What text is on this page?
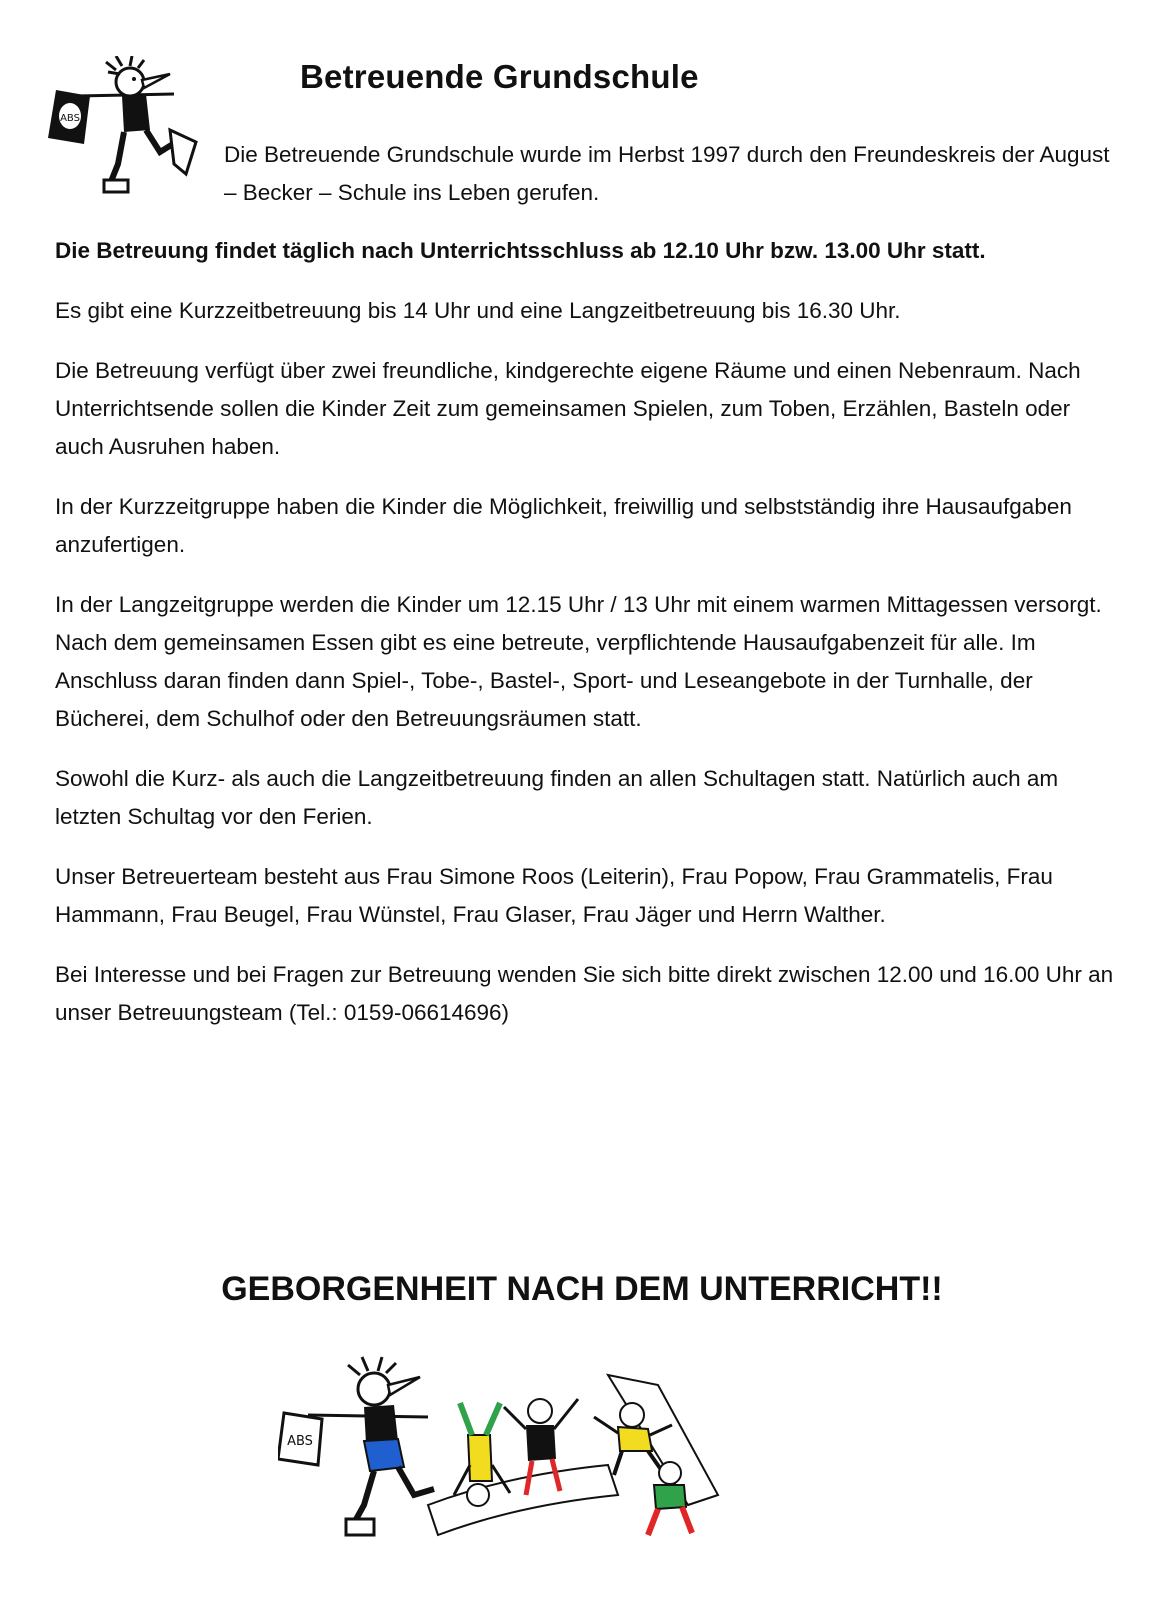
ABS
Betreuende Grundschule

Die Betreuende Grundschule wurde im Herbst 1997 durch den Freundeskreis der August – Becker – Schule ins Leben gerufen.

Die Betreuung findet täglich nach Unterrichtsschluss ab 12.10 Uhr bzw. 13.00 Uhr statt.

Es gibt eine Kurzzeitbetreuung bis 14 Uhr und eine Langzeitbetreuung bis 16.30 Uhr.

Die Betreuung verfügt über zwei freundliche, kindgerechte eigene Räume und einen Nebenraum. Nach Unterrichtsende sollen die Kinder Zeit zum gemeinsamen Spielen, zum Toben, Erzählen, Basteln oder auch Ausruhen haben.

In der Kurzzeitgruppe haben die Kinder die Möglichkeit, freiwillig und selbstständig ihre Hausaufgaben anzufertigen.

In der Langzeitgruppe werden die Kinder um 12.15 Uhr / 13 Uhr mit einem warmen Mittagessen versorgt. Nach dem gemeinsamen Essen gibt es eine betreute, verpflichtende Hausaufgabenzeit für alle. Im Anschluss daran finden dann Spiel-, Tobe-, Bastel-, Sport- und Leseangebote in der Turnhalle, der Bücherei, dem Schulhof oder den Betreuungsräumen statt.

Sowohl die Kurz- als auch die Langzeitbetreuung finden an allen Schultagen statt. Natürlich auch am letzten Schultag vor den Ferien.

Unser Betreuerteam besteht aus Frau Simone Roos (Leiterin), Frau Popow, Frau Grammatelis, Frau Hammann, Frau Beugel, Frau Wünstel, Frau Glaser, Frau Jäger und Herrn Walther.

Bei Interesse und bei Fragen zur Betreuung wenden Sie sich bitte direkt zwischen 12.00 und 16.00 Uhr an unser Betreuungsteam (Tel.: 0159-06614696)

GEBORGENHEIT NACH DEM UNTERRICHT!!
ABS
